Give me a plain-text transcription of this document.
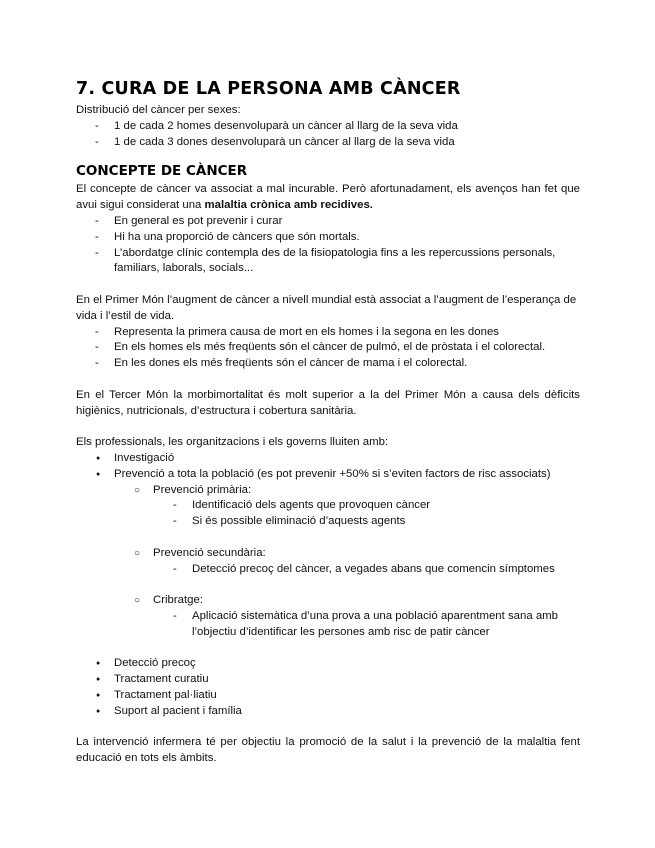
7. CURA DE LA PERSONA AMB CÀNCER

Distribució del càncer per sexes:

- 1 de cada 2 homes desenvoluparà un càncer al llarg de la seva vida
- 1 de cada 3 dones desenvoluparà un càncer al llarg de la seva vida
CONCEPTE DE CÀNCER

El concepte de càncer va associat a mal incurable. Però afortunadament, els avenços han fet que avui sigui considerat una malaltia crònica amb recidives.

- En general es pot prevenir i curar
- Hi ha una proporció de càncers que són mortals.
- L’abordatge clínic contempla des de la fisiopatologia fins a les repercussions personals, familiars, laborals, socials...

En el Primer Món l’augment de càncer a nivell mundial està associat a l’augment de l’esperança de vida i l’estil de vida.

- Representa la primera causa de mort en els homes i la segona en les dones
- En els homes els més freqüents són el càncer de pulmó, el de pròstata i el colorectal.
- En les dones els més freqüents són el càncer de mama i el colorectal.

En el Tercer Món la morbimortalitat és molt superior a la del Primer Món a causa dels dèficits higiènics, nutricionals, d’estructura i cobertura sanitària.

Els professionals, les organitzacions i els governs lluiten amb:

● Investigació
● Prevenció a tota la població (es pot prevenir +50% si s’eviten factors de risc associats)
○ Prevenció primària:
- Identificació dels agents que provoquen càncer
- Si és possible eliminació d’aquests agents
○ Prevenció secundària:
- Detecció precoç del càncer, a vegades abans que comencin símptomes
○ Cribratge:
- Aplicació sistemàtica d’una prova a una població aparentment sana amb l’objectiu d’identificar les persones amb risc de patir càncer
● Detecció precoç
● Tractament curatiu
● Tractament pal·liatiu
● Suport al pacient i família

La intervenció infermera té per objectiu la promoció de la salut i la prevenció de la malaltia fent educació en tots els àmbits.
